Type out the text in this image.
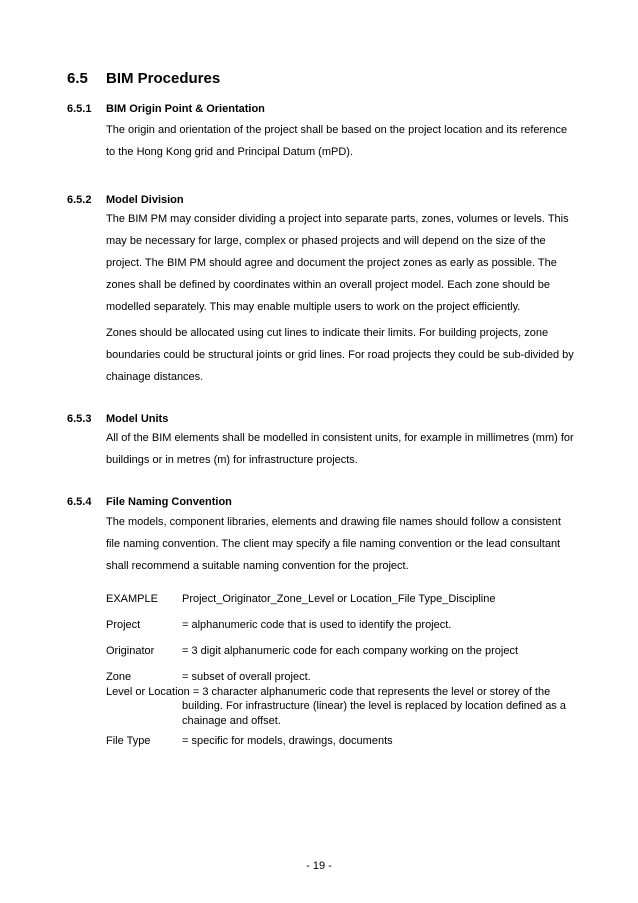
6.5 BIM Procedures
6.5.1 BIM Origin Point & Orientation

The origin and orientation of the project shall be based on the project location and its reference to the Hong Kong grid and Principal Datum (mPD).

6.5.2 Model Division

The BIM PM may consider dividing a project into separate parts, zones, volumes or levels. This may be necessary for large, complex or phased projects and will depend on the size of the project. The BIM PM should agree and document the project zones as early as possible. The zones shall be defined by coordinates within an overall project model. Each zone should be modelled separately. This may enable multiple users to work on the project efficiently.

Zones should be allocated using cut lines to indicate their limits. For building projects, zone boundaries could be structural joints or grid lines. For road projects they could be sub-divided by chainage distances.

6.5.3 Model Units

All of the BIM elements shall be modelled in consistent units, for example in millimetres (mm) for buildings or in metres (m) for infrastructure projects.

6.5.4 File Naming Convention

The models, component libraries, elements and drawing file names should follow a consistent file naming convention. The client may specify a file naming convention or the lead consultant shall recommend a suitable naming convention for the project.

EXAMPLE Project_Originator_Zone_Level or Location_File Type_Discipline
Project	= alphanumeric code that is used to identify the project.
Originator	= 3 digit alphanumeric code for each company working on the project
Zone	= subset of overall project.
Level or Location = 3 character alphanumeric code that represents the level or storey of the
building. For infrastructure (linear) the level is replaced by location defined as a chainage and offset.
File Type	= specific for models, drawings, documents
- 19 -
